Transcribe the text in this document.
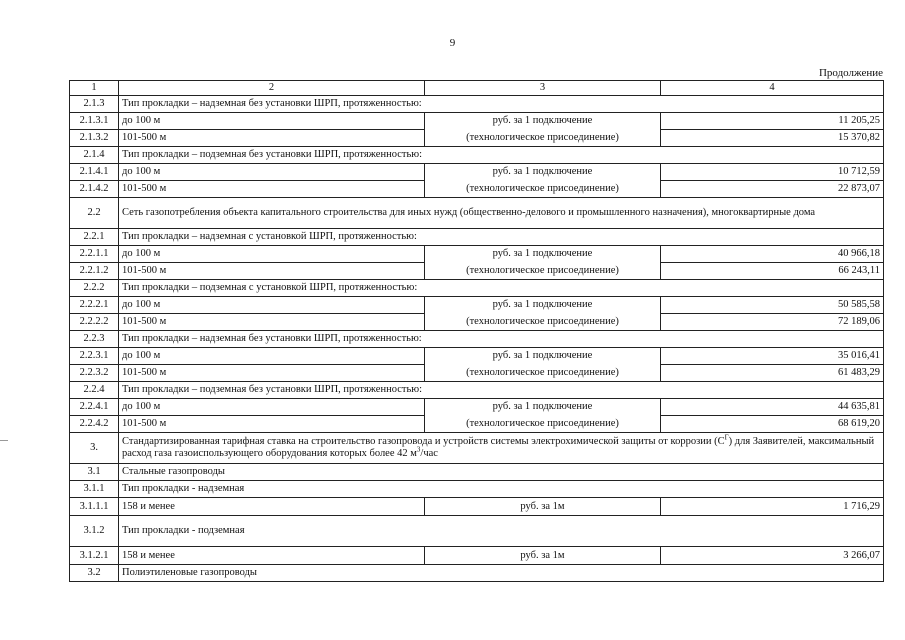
9
Продолжение
1	2	3	4
2.1.3	Тип прокладки – надземная без установки ШРП, протяженностью:		
2.1.3.1	до 100 м	руб. за 1 подключение	11 205,25
2.1.3.2	101-500 м	(технологическое присоединение)	15 370,82
2.1.4	Тип прокладки – подземная без установки ШРП, протяженностью:		
2.1.4.1	до 100 м	руб. за 1 подключение	10 712,59
2.1.4.2	101-500 м	(технологическое присоединение)	22 873,07
2.2	Сеть газопотребления объекта капитального строительства для иных нужд (общественно-делового и промышленного назначения), многоквартирные дома		
2.2.1	Тип прокладки – надземная с установкой ШРП, протяженностью:		
2.2.1.1	до 100 м	руб. за 1 подключение	40 966,18
2.2.1.2	101-500 м	(технологическое присоединение)	66 243,11
2.2.2	Тип прокладки – подземная с установкой ШРП, протяженностью:		
2.2.2.1	до 100 м	руб. за 1 подключение	50 585,58
2.2.2.2	101-500 м	(технологическое присоединение)	72 189,06
2.2.3	Тип прокладки – надземная без установки ШРП, протяженностью:		
2.2.3.1	до 100 м	руб. за 1 подключение	35 016,41
2.2.3.2	101-500 м	(технологическое присоединение)	61 483,29
2.2.4	Тип прокладки – подземная без установки ШРП, протяженностью:		
2.2.4.1	до 100 м	руб. за 1 подключение	44 635,81
2.2.4.2	101-500 м	(технологическое присоединение)	68 619,20
3.	Стандартизированная тарифная ставка на строительство газопровода и устройств системы электрохимической защиты от коррозии $(С^Г)$ для Заявителей, максимальный расход газа газоиспользующего оборудования которых более 42 $м^3$/час		
3.1	Стальные газопроводы		
3.1.1	Тип прокладки - надземная		
3.1.1.1	158 и менее	руб. за 1м	1 716,29
3.1.2	Тип прокладки - подземная		
3.1.2.1	158 и менее	руб. за 1м	3 266,07
3.2	Полиэтиленовые газопроводы		
